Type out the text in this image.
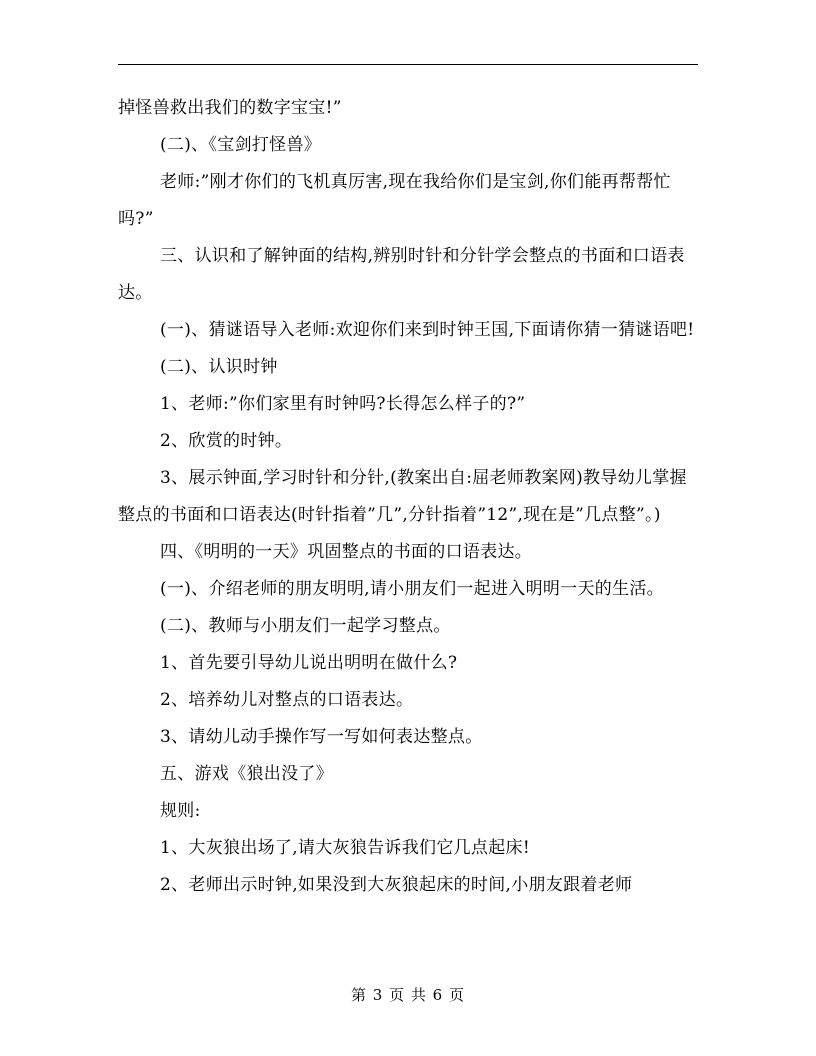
掉怪兽救出我们的数字宝宝!”

(二)、《宝剑打怪兽》

老师:”刚才你们的飞机真厉害,现在我给你们是宝剑,你们能再帮帮忙吗?”

三、认识和了解钟面的结构,辨别时针和分针学会整点的书面和口语表达。

(一)、猜谜语导入老师:欢迎你们来到时钟王国,下面请你猜一猜谜语吧!

(二)、认识时钟

1、老师:”你们家里有时钟吗?长得怎么样子的?”

2、欣赏的时钟。

3、展示钟面,学习时针和分针,(教案出自:屈老师教案网)教导幼儿掌握整点的书面和口语表达(时针指着”几”,分针指着”12”,现在是”几点整”。)

四、《明明的一天》巩固整点的书面的口语表达。

(一)、介绍老师的朋友明明,请小朋友们一起进入明明一天的生活。

(二)、教师与小朋友们一起学习整点。

1、首先要引导幼儿说出明明在做什么?

2、培养幼儿对整点的口语表达。

3、请幼儿动手操作写一写如何表达整点。

五、游戏《狼出没了》

规则:

1、大灰狼出场了,请大灰狼告诉我们它几点起床!

2、老师出示时钟,如果没到大灰狼起床的时间,小朋友跟着老师

第 3 页 共 6 页
